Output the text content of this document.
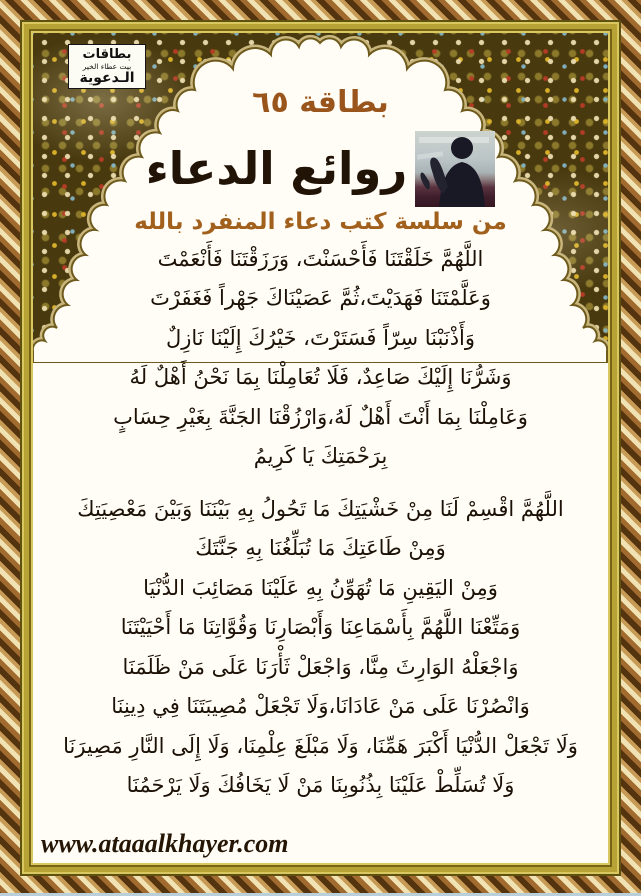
بطاقات
بيت عطاء الخير
الـدعوية
بطاقة ٦٥
روائع الدعاء
من سلسة كتب دعاء المنفرد بالله
اللَّهُمَّ خَلَقْتَنَا فَأَحْسَنْتَ، وَرَزَقْتَنَا فَأَنْعَمْتَ
وَعَلَّمْتَنَا فَهَدَيْتَ،ثُمَّ عَصَيْنَاكَ جَهْراً فَغَفَرْتَ
وَأَذْنَبْنَا سِرّاً فَسَتَرْتَ، خَيْرُكَ إِلَيْنَا نَازِلٌ
وَشَرُّنَا إِلَيْكَ صَاعِدٌ، فَلَا تُعَامِلْنَا بِمَا نَحْنُ أَهْلٌ لَهُ
وَعَامِلْنَا بِمَا أَنْتَ أَهْلٌ لَهُ،وَارْزُقْنَا الجَنَّةَ بِغَيْرِ حِسَابٍ
بِرَحْمَتِكَ يَا كَرِيمُ
اللَّهُمَّ اقْسِمْ لَنَا مِنْ خَشْيَتِكَ مَا تَحُولُ بِهِ بَيْنَنَا وَبَيْنَ مَعْصِيَتِكَ
وَمِنْ طَاعَتِكَ مَا تُبَلِّغُنَا بِهِ جَنَّتَكَ
وَمِنْ اليَقِينِ مَا تُهَوِّنُ بِهِ عَلَيْنَا مَصَائِبَ الدُّنْيَا
وَمَتِّعْنَا اللَّهُمَّ بِأَسْمَاعِنَا وَأَبْصَارِنَا وَقُوَّاتِنَا مَا أَحْيَيْتَنَا
وَاجْعَلْهُ الوَارِثَ مِنَّا، وَاجْعَلْ ثَأْرَنَا عَلَى مَنْ ظَلَمَنَا
وَانْصُرْنَا عَلَى مَنْ عَادَانَا،وَلَا تَجْعَلْ مُصِيبَتَنَا فِي دِينِنَا
وَلَا تَجْعَلْ الدُّنْيَا أَكْبَرَ هَمِّنَا، وَلَا مَبْلَغَ عِلْمِنَا، وَلَا إِلَى النَّارِ مَصِيرَنَا
وَلَا تُسَلِّطْ عَلَيْنَا بِذُنُوبِنَا مَنْ لَا يَخَافُكَ وَلَا يَرْحَمُنَا
www.ataaalkhayer.com
